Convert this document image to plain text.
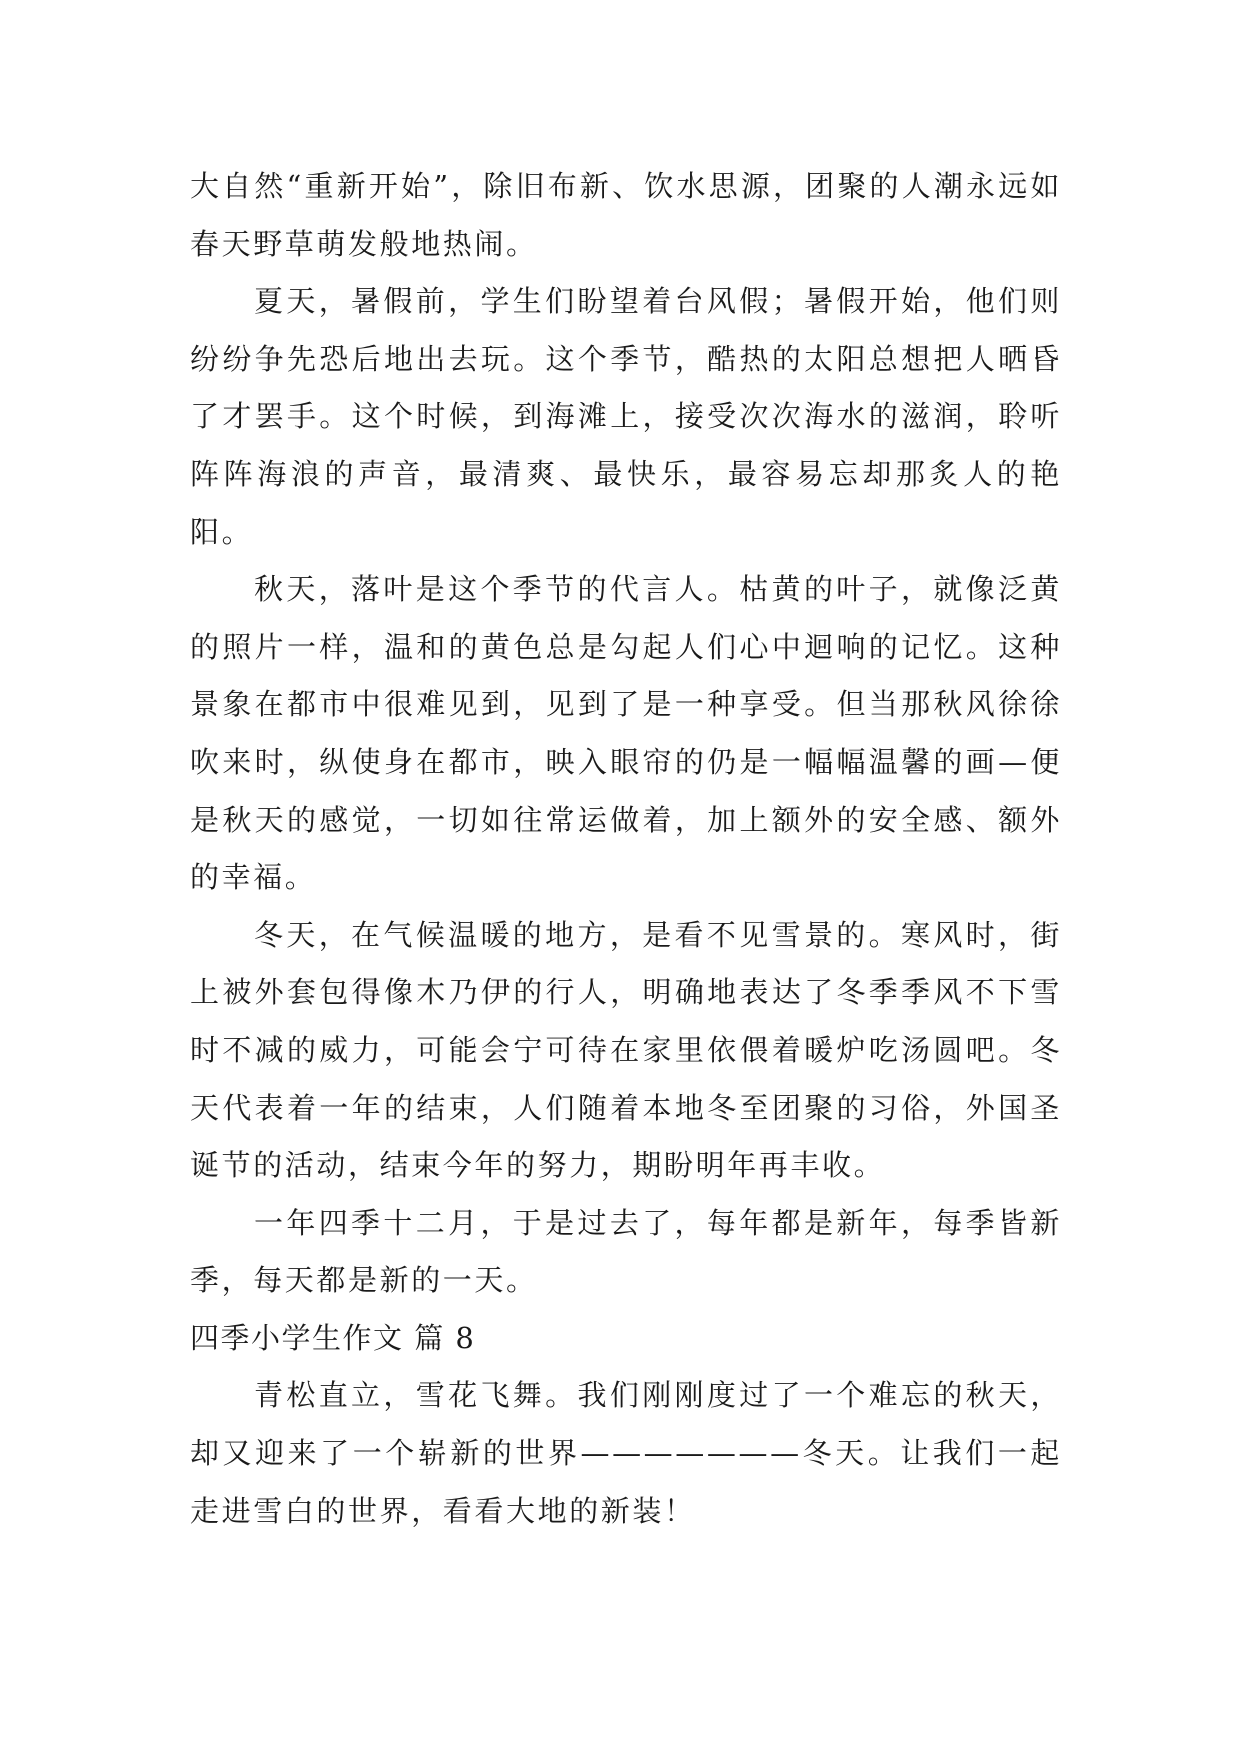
大自然“重新开始”，除旧布新、饮水思源，团聚的人潮永远如春天野草萌发般地热闹。

夏天，暑假前，学生们盼望着台风假；暑假开始，他们则纷纷争先恐后地出去玩。这个季节，酷热的太阳总想把人晒昏了才罢手。这个时候，到海滩上，接受次次海水的滋润，聆听阵阵海浪的声音，最清爽、最快乐，最容易忘却那炙人的艳阳。

秋天，落叶是这个季节的代言人。枯黄的叶子，就像泛黄的照片一样，温和的黄色总是勾起人们心中迴响的记忆。这种景象在都市中很难见到，见到了是一种享受。但当那秋风徐徐吹来时，纵使身在都市，映入眼帘的仍是一幅幅温馨的画—便是秋天的感觉，一切如往常运做着，加上额外的安全感、额外的幸福。

冬天，在气候温暖的地方，是看不见雪景的。寒风时，街上被外套包得像木乃伊的行人，明确地表达了冬季季风不下雪时不减的威力，可能会宁可待在家里依偎着暖炉吃汤圆吧。冬天代表着一年的结束，人们随着本地冬至团聚的习俗，外国圣诞节的活动，结束今年的努力，期盼明年再丰收。

一年四季十二月，于是过去了，每年都是新年，每季皆新季，每天都是新的一天。

四季小学生作文 篇 8

青松直立，雪花飞舞。我们刚刚度过了一个难忘的秋天，却又迎来了一个崭新的世界———————冬天。让我们一起走进雪白的世界，看看大地的新装！
